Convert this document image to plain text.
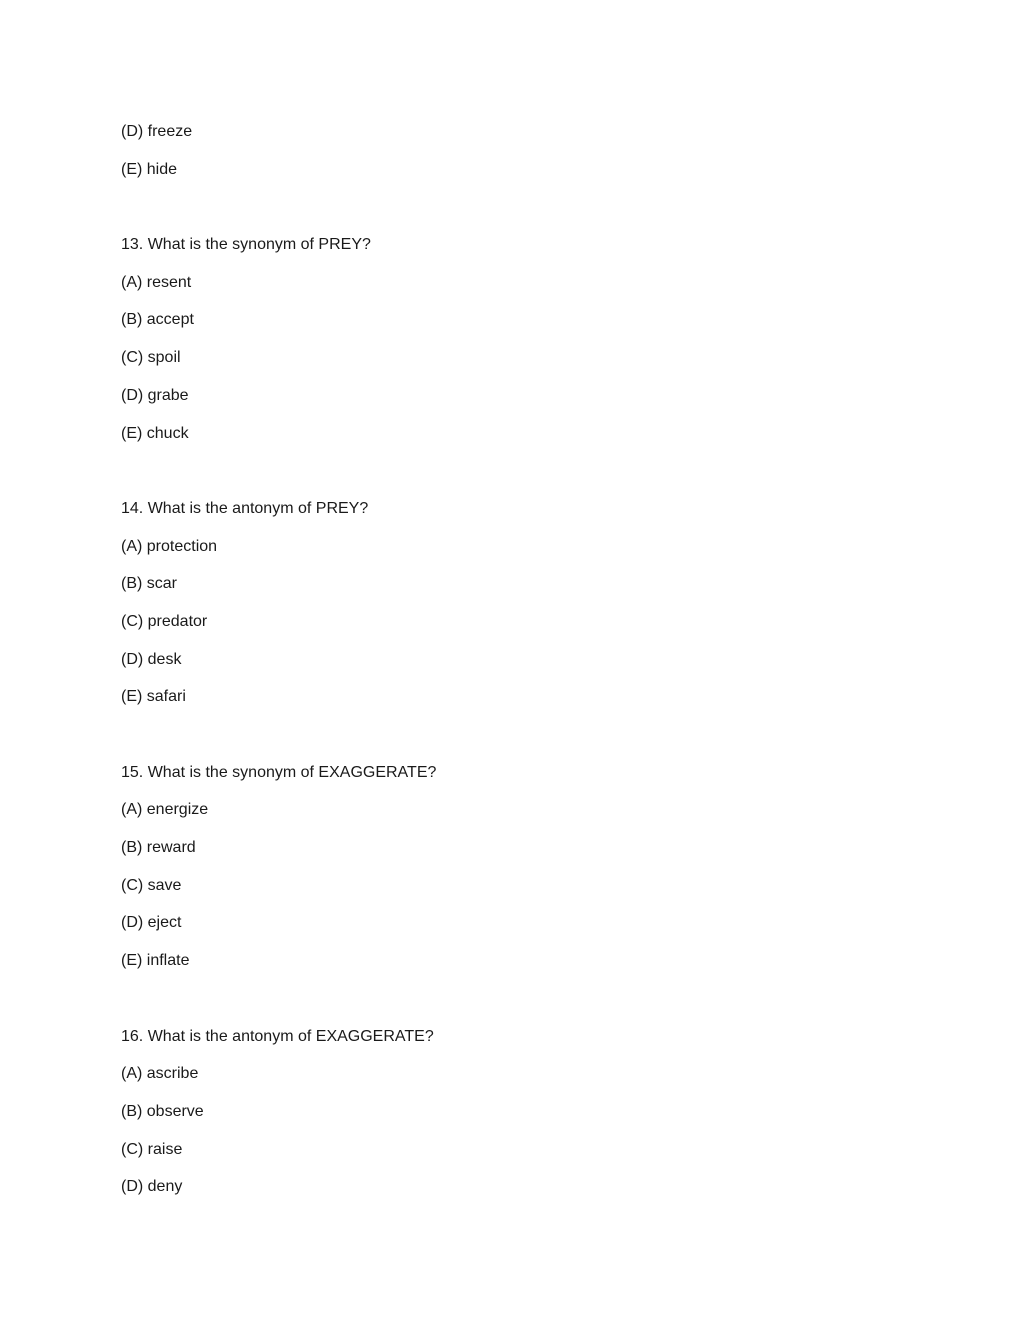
(D) freeze
(E) hide
13. What is the synonym of PREY?
(A) resent
(B) accept
(C) spoil
(D) grabe
(E) chuck
14. What is the antonym of PREY?
(A) protection
(B) scar
(C) predator
(D) desk
(E) safari
15. What is the synonym of EXAGGERATE?
(A) energize
(B) reward
(C) save
(D) eject
(E) inflate
16. What is the antonym of EXAGGERATE?
(A) ascribe
(B) observe
(C) raise
(D) deny
